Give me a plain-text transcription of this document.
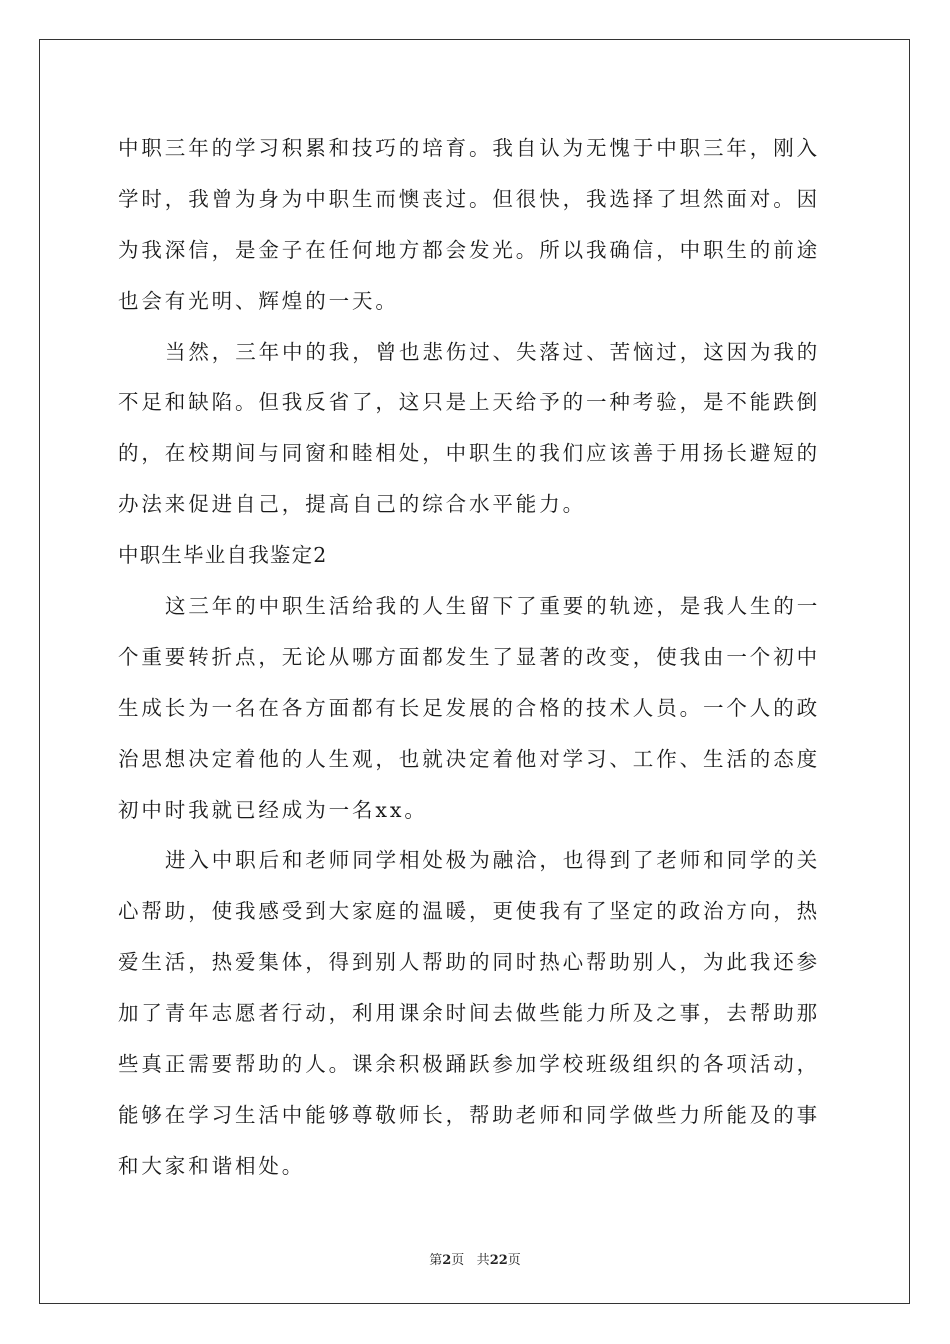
中职三年的学习积累和技巧的培育。我自认为无愧于中职三年，刚入
学时，我曾为身为中职生而懊丧过。但很快，我选择了坦然面对。因
为我深信，是金子在任何地方都会发光。所以我确信，中职生的前途
也会有光明、辉煌的一天。
当然，三年中的我，曾也悲伤过、失落过、苦恼过，这因为我的
不足和缺陷。但我反省了，这只是上天给予的一种考验，是不能跌倒
的，在校期间与同窗和睦相处，中职生的我们应该善于用扬长避短的
办法来促进自己，提高自己的综合水平能力。
中职生毕业自我鉴定2
这三年的中职生活给我的人生留下了重要的轨迹，是我人生的一
个重要转折点，无论从哪方面都发生了显著的改变，使我由一个初中
生成长为一名在各方面都有长足发展的合格的技术人员。一个人的政
治思想决定着他的人生观，也就决定着他对学习、工作、生活的态度
初中时我就已经成为一名xx。
进入中职后和老师同学相处极为融洽，也得到了老师和同学的关
心帮助，使我感受到大家庭的温暖，更使我有了坚定的政治方向，热
爱生活，热爱集体，得到别人帮助的同时热心帮助别人，为此我还参
加了青年志愿者行动，利用课余时间去做些能力所及之事，去帮助那
些真正需要帮助的人。课余积极踊跃参加学校班级组织的各项活动，
能够在学习生活中能够尊敬师长，帮助老师和同学做些力所能及的事
和大家和谐相处。
第2页 共22页
